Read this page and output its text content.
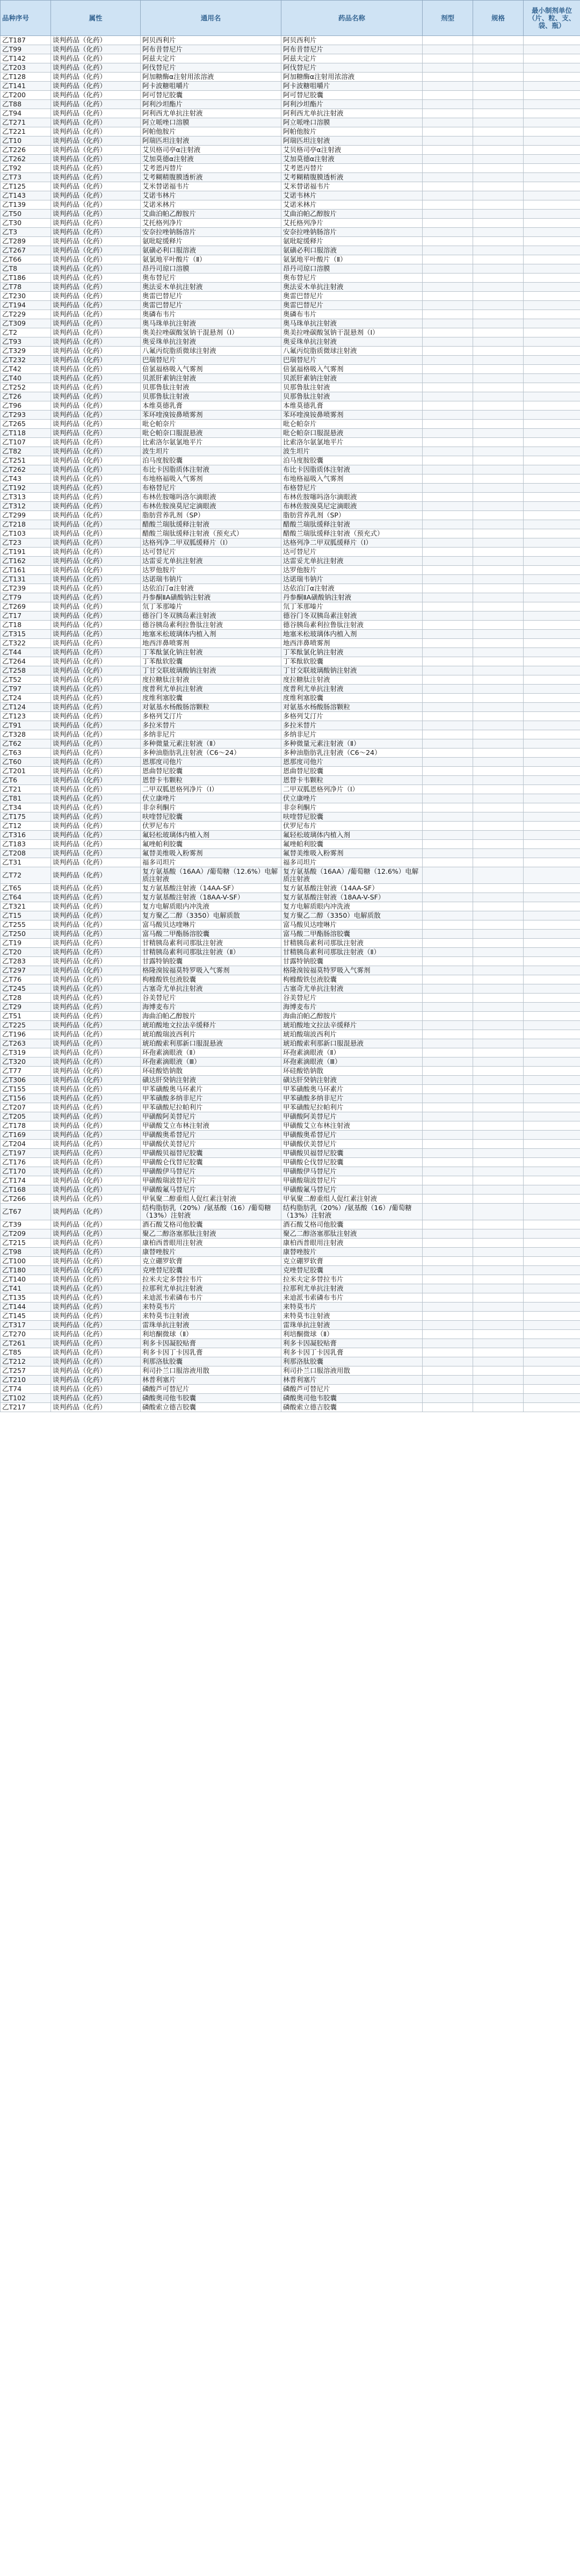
品种序号	属性	通用名	药品名称	剂型	规格	最小制剂单位（片、粒、支、袋、瓶）
乙T187	谈判药品（化药）	阿贝西利片	阿贝西利片			
乙T99	谈判药品（化药）	阿布昔替尼片	阿布昔替尼片			
乙T142	谈判药品（化药）	阿兹夫定片	阿兹夫定片			
乙T203	谈判药品（化药）	阿伐替尼片	阿伐替尼片			
乙T128	谈判药品（化药）	阿加糖酶α注射用浓溶液	阿加糖酶α注射用浓溶液			
乙T141	谈判药品（化药）	阿卡波糖咀嚼片	阿卡波糖咀嚼片			
乙T200	谈判药品（化药）	阿可替尼胶囊	阿可替尼胶囊			
乙T88	谈判药品（化药）	阿利沙坦酯片	阿利沙坦酯片			
乙T94	谈判药品（化药）	阿利西尤单抗注射液	阿利西尤单抗注射液			
乙T271	谈判药品（化药）	阿立哌唑口溶膜	阿立哌唑口溶膜			
乙T221	谈判药品（化药）	阿帕他胺片	阿帕他胺片			
乙T10	谈判药品（化药）	阿瑞匹坦注射液	阿瑞匹坦注射液			
乙T226	谈判药品（化药）	艾贝格司亭α注射液	艾贝格司亭α注射液			
乙T262	谈判药品（化药）	艾加莫德α注射液	艾加莫德α注射液			
乙T92	谈判药品（化药）	艾考恩丙替片	艾考恩丙替片			
乙T73	谈判药品（化药）	艾考糊精腹膜透析液	艾考糊精腹膜透析液			
乙T125	谈判药品（化药）	艾米替诺福韦片	艾米替诺福韦片			
乙T143	谈判药品（化药）	艾诺韦林片	艾诺韦林片			
乙T139	谈判药品（化药）	艾诺米林片	艾诺米林片			
乙T50	谈判药品（化药）	艾曲泊帕乙醇胺片	艾曲泊帕乙醇胺片			
乙T30	谈判药品（化药）	艾托格列净片	艾托格列净片			
乙T3	谈判药品（化药）	安奈拉唑钠肠溶片	安奈拉唑钠肠溶片			
乙T289	谈判药品（化药）	氨吡啶缓释片	氨吡啶缓释片			
乙T267	谈判药品（化药）	氨磺必利口服溶液	氨磺必利口服溶液			
乙T66	谈判药品（化药）	氨氯地平叶酸片（Ⅱ）	氨氯地平叶酸片（Ⅱ）			
乙T8	谈判药品（化药）	昂丹司琼口溶膜	昂丹司琼口溶膜			
乙T186	谈判药品（化药）	奥布替尼片	奥布替尼片			
乙T78	谈判药品（化药）	奥法妥木单抗注射液	奥法妥木单抗注射液			
乙T230	谈判药品（化药）	奥雷巴替尼片	奥雷巴替尼片			
乙T194	谈判药品（化药）	奥雷巴替尼片	奥雷巴替尼片			
乙T229	谈判药品（化药）	奥磷布韦片	奥磷布韦片			
乙T309	谈判药品（化药）	奥马珠单抗注射液	奥马珠单抗注射液			
乙T2	谈判药品（化药）	奥美拉唑碳酸氢钠干混悬剂（Ⅰ）	奥美拉唑碳酸氢钠干混悬剂（Ⅰ）			
乙T93	谈判药品（化药）	奥妥珠单抗注射液	奥妥珠单抗注射液			
乙T329	谈判药品（化药）	八氟丙烷脂质微球注射液	八氟丙烷脂质微球注射液			
乙T232	谈判药品（化药）	巴瑞替尼片	巴瑞替尼片			
乙T42	谈判药品（化药）	倍氯福格吸入气雾剂	倍氯福格吸入气雾剂			
乙T40	谈判药品（化药）	贝派肝素钠注射液	贝派肝素钠注射液			
乙T252	谈判药品（化药）	贝那鲁肽注射液	贝那鲁肽注射液			
乙T26	谈判药品（化药）	贝那鲁肽注射液	贝那鲁肽注射液			
乙T96	谈判药品（化药）	本维莫德乳膏	本维莫德乳膏			
乙T293	谈判药品（化药）	苯环喹溴铵鼻喷雾剂	苯环喹溴铵鼻喷雾剂			
乙T265	谈判药品（化药）	吡仑帕奈片	吡仑帕奈片			
乙T118	谈判药品（化药）	吡仑帕奈口服混悬液	吡仑帕奈口服混悬液			
乙T107	谈判药品（化药）	比索洛尔氨氯地平片	比索洛尔氨氯地平片			
乙T82	谈判药品（化药）	波生坦片	波生坦片			
乙T251	谈判药品（化药）	泊马度胺胶囊	泊马度胺胶囊			
乙T262	谈判药品（化药）	布比卡因脂质体注射液	布比卡因脂质体注射液			
乙T43	谈判药品（化药）	布地格福吸入气雾剂	布地格福吸入气雾剂			
乙T192	谈判药品（化药）	布格替尼片	布格替尼片			
乙T313	谈判药品（化药）	布林佐胺噻吗洛尔滴眼液	布林佐胺噻吗洛尔滴眼液			
乙T312	谈判药品（化药）	布林佐胺溴莫尼定滴眼液	布林佐胺溴莫尼定滴眼液			
乙T299	谈判药品（化药）	脂肪营养乳剂（SP）	脂肪营养乳剂（SP）			
乙T218	谈判药品（化药）	醋酸兰瑞肽缓释注射液	醋酸兰瑞肽缓释注射液			
乙T103	谈判药品（化药）	醋酸兰瑞肽缓释注射液（预充式）	醋酸兰瑞肽缓释注射液（预充式）			
乙T23	谈判药品（化药）	达格列净二甲双胍缓释片（Ⅰ）	达格列净二甲双胍缓释片（Ⅰ）			
乙T191	谈判药品（化药）	达可替尼片	达可替尼片			
乙T162	谈判药品（化药）	达雷妥尤单抗注射液	达雷妥尤单抗注射液			
乙T161	谈判药品（化药）	达罗他胺片	达罗他胺片			
乙T131	谈判药品（化药）	达诺瑞韦钠片	达诺瑞韦钠片			
乙T239	谈判药品（化药）	达依泊汀α注射液	达依泊汀α注射液			
乙T79	谈判药品（化药）	丹参酮ⅡA磺酸钠注射液	丹参酮ⅡA磺酸钠注射液			
乙T269	谈判药品（化药）	氘丁苯那嗪片	氘丁苯那嗪片			
乙T17	谈判药品（化药）	德谷门冬双胰岛素注射液	德谷门冬双胰岛素注射液			
乙T18	谈判药品（化药）	德谷胰岛素利拉鲁肽注射液	德谷胰岛素利拉鲁肽注射液			
乙T315	谈判药品（化药）	地塞米松玻璃体内植入剂	地塞米松玻璃体内植入剂			
乙T322	谈判药品（化药）	地西泮鼻喷雾剂	地西泮鼻喷雾剂			
乙T44	谈判药品（化药）	丁苯酞氯化钠注射液	丁苯酞氯化钠注射液			
乙T264	谈判药品（化药）	丁苯酞软胶囊	丁苯酞软胶囊			
乙T258	谈判药品（化药）	丁甘交联玻璃酸钠注射液	丁甘交联玻璃酸钠注射液			
乙T52	谈判药品（化药）	度拉糖肽注射液	度拉糖肽注射液			
乙T97	谈判药品（化药）	度普利尤单抗注射液	度普利尤单抗注射液			
乙T24	谈判药品（化药）	度维利塞胶囊	度维利塞胶囊			
乙T124	谈判药品（化药）	对氨基水杨酸肠溶颗粒	对氨基水杨酸肠溶颗粒			
乙T123	谈判药品（化药）	多格列艾汀片	多格列艾汀片			
乙T91	谈判药品（化药）	多拉米替片	多拉米替片			
乙T328	谈判药品（化药）	多纳非尼片	多纳非尼片			
乙T62	谈判药品（化药）	多种微量元素注射液（Ⅱ）	多种微量元素注射液（Ⅱ）			
乙T63	谈判药品（化药）	多种油脂肪乳注射液（C6～24）	多种油脂肪乳注射液（C6～24）			
乙T60	谈判药品（化药）	恩那度司他片	恩那度司他片			
乙T201	谈判药品（化药）	恩曲替尼胶囊	恩曲替尼胶囊			
乙T6	谈判药品（化药）	恩替卡韦颗粒	恩替卡韦颗粒			
乙T21	谈判药品（化药）	二甲双胍恩格列净片（Ⅰ）	二甲双胍恩格列净片（Ⅰ）			
乙T81	谈判药品（化药）	伏立康唑片	伏立康唑片			
乙T34	谈判药品（化药）	非奈利酮片	非奈利酮片			
乙T175	谈判药品（化药）	呋喹替尼胶囊	呋喹替尼胶囊			
乙T12	谈判药品（化药）	伏罗尼布片	伏罗尼布片			
乙T316	谈判药品（化药）	氟轻松玻璃体内植入剂	氟轻松玻璃体内植入剂			
乙T183	谈判药品（化药）	氟唑帕利胶囊	氟唑帕利胶囊			
乙T208	谈判药品（化药）	氟替美维吸入粉雾剂	氟替美维吸入粉雾剂			
乙T31	谈判药品（化药）	福多司坦片	福多司坦片			
乙T72	谈判药品（化药）	复方氨基酸（16AA）/葡萄糖（12.6%）电解质注射液	复方氨基酸（16AA）/葡萄糖（12.6%）电解质注射液			
乙T65	谈判药品（化药）	复方氨基酸注射液（14AA-SF）	复方氨基酸注射液（14AA-SF）			
乙T64	谈判药品（化药）	复方氨基酸注射液（18AA-V-SF）	复方氨基酸注射液（18AA-V-SF）			
乙T321	谈判药品（化药）	复方电解质眼内冲洗液	复方电解质眼内冲洗液			
乙T15	谈判药品（化药）	复方聚乙二醇（3350）电解质散	复方聚乙二醇（3350）电解质散			
乙T255	谈判药品（化药）	富马酸贝达喹啉片	富马酸贝达喹啉片			
乙T250	谈判药品（化药）	富马酸二甲酯肠溶胶囊	富马酸二甲酯肠溶胶囊			
乙T19	谈判药品（化药）	甘精胰岛素利司那肽注射液	甘精胰岛素利司那肽注射液			
乙T20	谈判药品（化药）	甘精胰岛素利司那肽注射液（Ⅱ）	甘精胰岛素利司那肽注射液（Ⅱ）			
乙T283	谈判药品（化药）	甘露特钠胶囊	甘露特钠胶囊			
乙T297	谈判药品（化药）	格隆溴铵福莫特罗吸入气雾剂	格隆溴铵福莫特罗吸入气雾剂			
乙T76	谈判药品（化药）	枸橼酸铁包液胶囊	枸橼酸铁包液胶囊			
乙T245	谈判药品（化药）	古塞奇尤单抗注射液	古塞奇尤单抗注射液			
乙T28	谈判药品（化药）	谷美替尼片	谷美替尼片			
乙T29	谈判药品（化药）	海博麦布片	海博麦布片			
乙T51	谈判药品（化药）	海曲泊帕乙醇胺片	海曲泊帕乙醇胺片			
乙T225	谈判药品（化药）	琥珀酸地文拉法辛缓释片	琥珀酸地文拉法辛缓释片			
乙T196	谈判药品（化药）	琥珀酸瑞波西利片	琥珀酸瑞波西利片			
乙T263	谈判药品（化药）	琥珀酸索利那新口服混悬液	琥珀酸索利那新口服混悬液			
乙T319	谈判药品（化药）	环孢素滴眼液（Ⅱ）	环孢素滴眼液（Ⅱ）			
乙T320	谈判药品（化药）	环孢素滴眼液（Ⅲ）	环孢素滴眼液（Ⅲ）			
乙T77	谈判药品（化药）	环硅酸锆钠散	环硅酸锆钠散			
乙T306	谈判药品（化药）	磺达肝癸钠注射液	磺达肝癸钠注射液			
乙T155	谈判药品（化药）	甲苯磺酸奥马环素片	甲苯磺酸奥马环素片			
乙T156	谈判药品（化药）	甲苯磺酸多纳非尼片	甲苯磺酸多纳非尼片			
乙T207	谈判药品（化药）	甲苯磺酸尼拉帕利片	甲苯磺酸尼拉帕利片			
乙T205	谈判药品（化药）	甲磺酸阿美替尼片	甲磺酸阿美替尼片			
乙T178	谈判药品（化药）	甲磺酸艾立布林注射液	甲磺酸艾立布林注射液			
乙T169	谈判药品（化药）	甲磺酸奥希替尼片	甲磺酸奥希替尼片			
乙T204	谈判药品（化药）	甲磺酸伏美替尼片	甲磺酸伏美替尼片			
乙T197	谈判药品（化药）	甲磺酸贝福替尼胶囊	甲磺酸贝福替尼胶囊			
乙T176	谈判药品（化药）	甲磺酸仑伐替尼胶囊	甲磺酸仑伐替尼胶囊			
乙T170	谈判药品（化药）	甲磺酸伊马替尼片	甲磺酸伊马替尼片			
乙T174	谈判药品（化药）	甲磺酸瑞波替尼片	甲磺酸瑞波替尼片			
乙T168	谈判药品（化药）	甲磺酸氟马替尼片	甲磺酸氟马替尼片			
乙T266	谈判药品（化药）	甲氧聚二醇重组人促红素注射液	甲氧聚二醇重组人促红素注射液			
乙T67	谈判药品（化药）	结构脂肪乳（20%）/氨基酸（16）/葡萄糖（13%）注射液	结构脂肪乳（20%）/氨基酸（16）/葡萄糖（13%）注射液			
乙T39	谈判药品（化药）	酒石酸艾格司他胶囊	酒石酸艾格司他胶囊			
乙T209	谈判药品（化药）	聚乙二醇洛塞那肽注射液	聚乙二醇洛塞那肽注射液			
乙T215	谈判药品（化药）	康柏西普眼用注射液	康柏西普眼用注射液			
乙T98	谈判药品（化药）	康替唑胺片	康替唑胺片			
乙T100	谈判药品（化药）	克立硼罗软膏	克立硼罗软膏			
乙T180	谈判药品（化药）	克唑替尼胶囊	克唑替尼胶囊			
乙T140	谈判药品（化药）	拉米夫定多替拉韦片	拉米夫定多替拉韦片			
乙T41	谈判药品（化药）	拉那利尤单抗注射液	拉那利尤单抗注射液			
乙T135	谈判药品（化药）	来迪派韦索磷布韦片	来迪派韦索磷布韦片			
乙T144	谈判药品（化药）	来特莫韦片	来特莫韦片			
乙T145	谈判药品（化药）	来特莫韦注射液	来特莫韦注射液			
乙T317	谈判药品（化药）	雷珠单抗注射液	雷珠单抗注射液			
乙T270	谈判药品（化药）	利培酮微球（Ⅱ）	利培酮微球（Ⅱ）			
乙T261	谈判药品（化药）	利多卡因凝胶贴膏	利多卡因凝胶贴膏			
乙T85	谈判药品（化药）	利多卡因丁卡因乳膏	利多卡因丁卡因乳膏			
乙T212	谈判药品（化药）	利那洛肽胶囊	利那洛肽胶囊			
乙T257	谈判药品（化药）	利司扑兰口服溶液用散	利司扑兰口服溶液用散			
乙T210	谈判药品（化药）	林普利塞片	林普利塞片			
乙T74	谈判药品（化药）	磷酸芦可替尼片	磷酸芦可替尼片			
乙T102	谈判药品（化药）	磷酸奥司他韦胶囊	磷酸奥司他韦胶囊			
乙T217	谈判药品（化药）	磷酸索立德吉胶囊	磷酸索立德吉胶囊			
